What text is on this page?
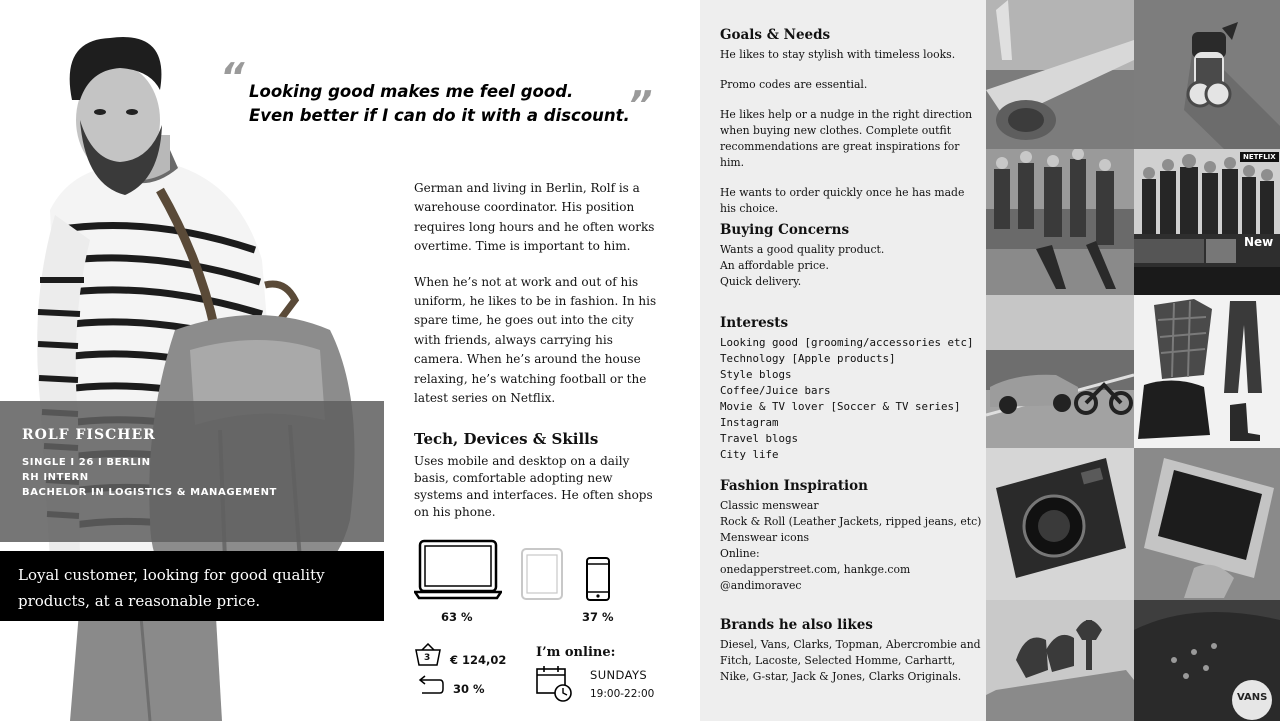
ROLF FISCHER
SINGLE I 26 I BERLIN
RH INTERN
BACHELOR IN LOGISTICS & MANAGEMENT
Loyal customer, looking for good quality
products, at a reasonable price.
“ Looking good makes me feel good.
Even better if I can do it with a discount.
”

German and living in Berlin, Rolf is a warehouse coordinator. His position requires long hours and he often works overtime. Time is important to him.

When he’s not at work and out of his uniform, he likes to be in fashion. In his spare time, he goes out into the city with friends, always carrying his camera. When he’s around the house relaxing, he’s watching football or the latest series on Netflix.

Tech, Devices & Skills
Uses mobile and desktop on a daily basis, comfortable adopting new systems and interfaces. He often shops on his phone.
63 %	37 %
3 € 124,02
30 %
I’m online:
SUNDAYS
19:00-22:00
Goals & Needs
He likes to stay stylish with timeless looks.
Promo codes are essential.
He likes help or a nudge in the right direction when buying new clothes. Complete outfit recommendations are great inspirations for him.
He wants to order quickly once he has made his choice.
Buying Concerns
Wants a good quality product.
An affordable price.
Quick delivery.
Interests
Looking good [grooming/accessories etc]
Technology [Apple products]
Style blogs
Coffee/Juice bars
Movie & TV lover [Soccer & TV series]
Instagram
Travel blogs
City life
Fashion Inspiration
Classic menswear
Rock & Roll (Leather Jackets, ripped jeans, etc)
Menswear icons
Online:
onedapperstreet.com, hankge.com
@andimoravec
Brands he also likes
Diesel, Vans, Clarks, Topman, Abercrombie and Fitch, Lacoste, Selected Homme, Carhartt, Nike, G-star, Jack & Jones, Clarks Originals.
NETFLIX
New
VANS
